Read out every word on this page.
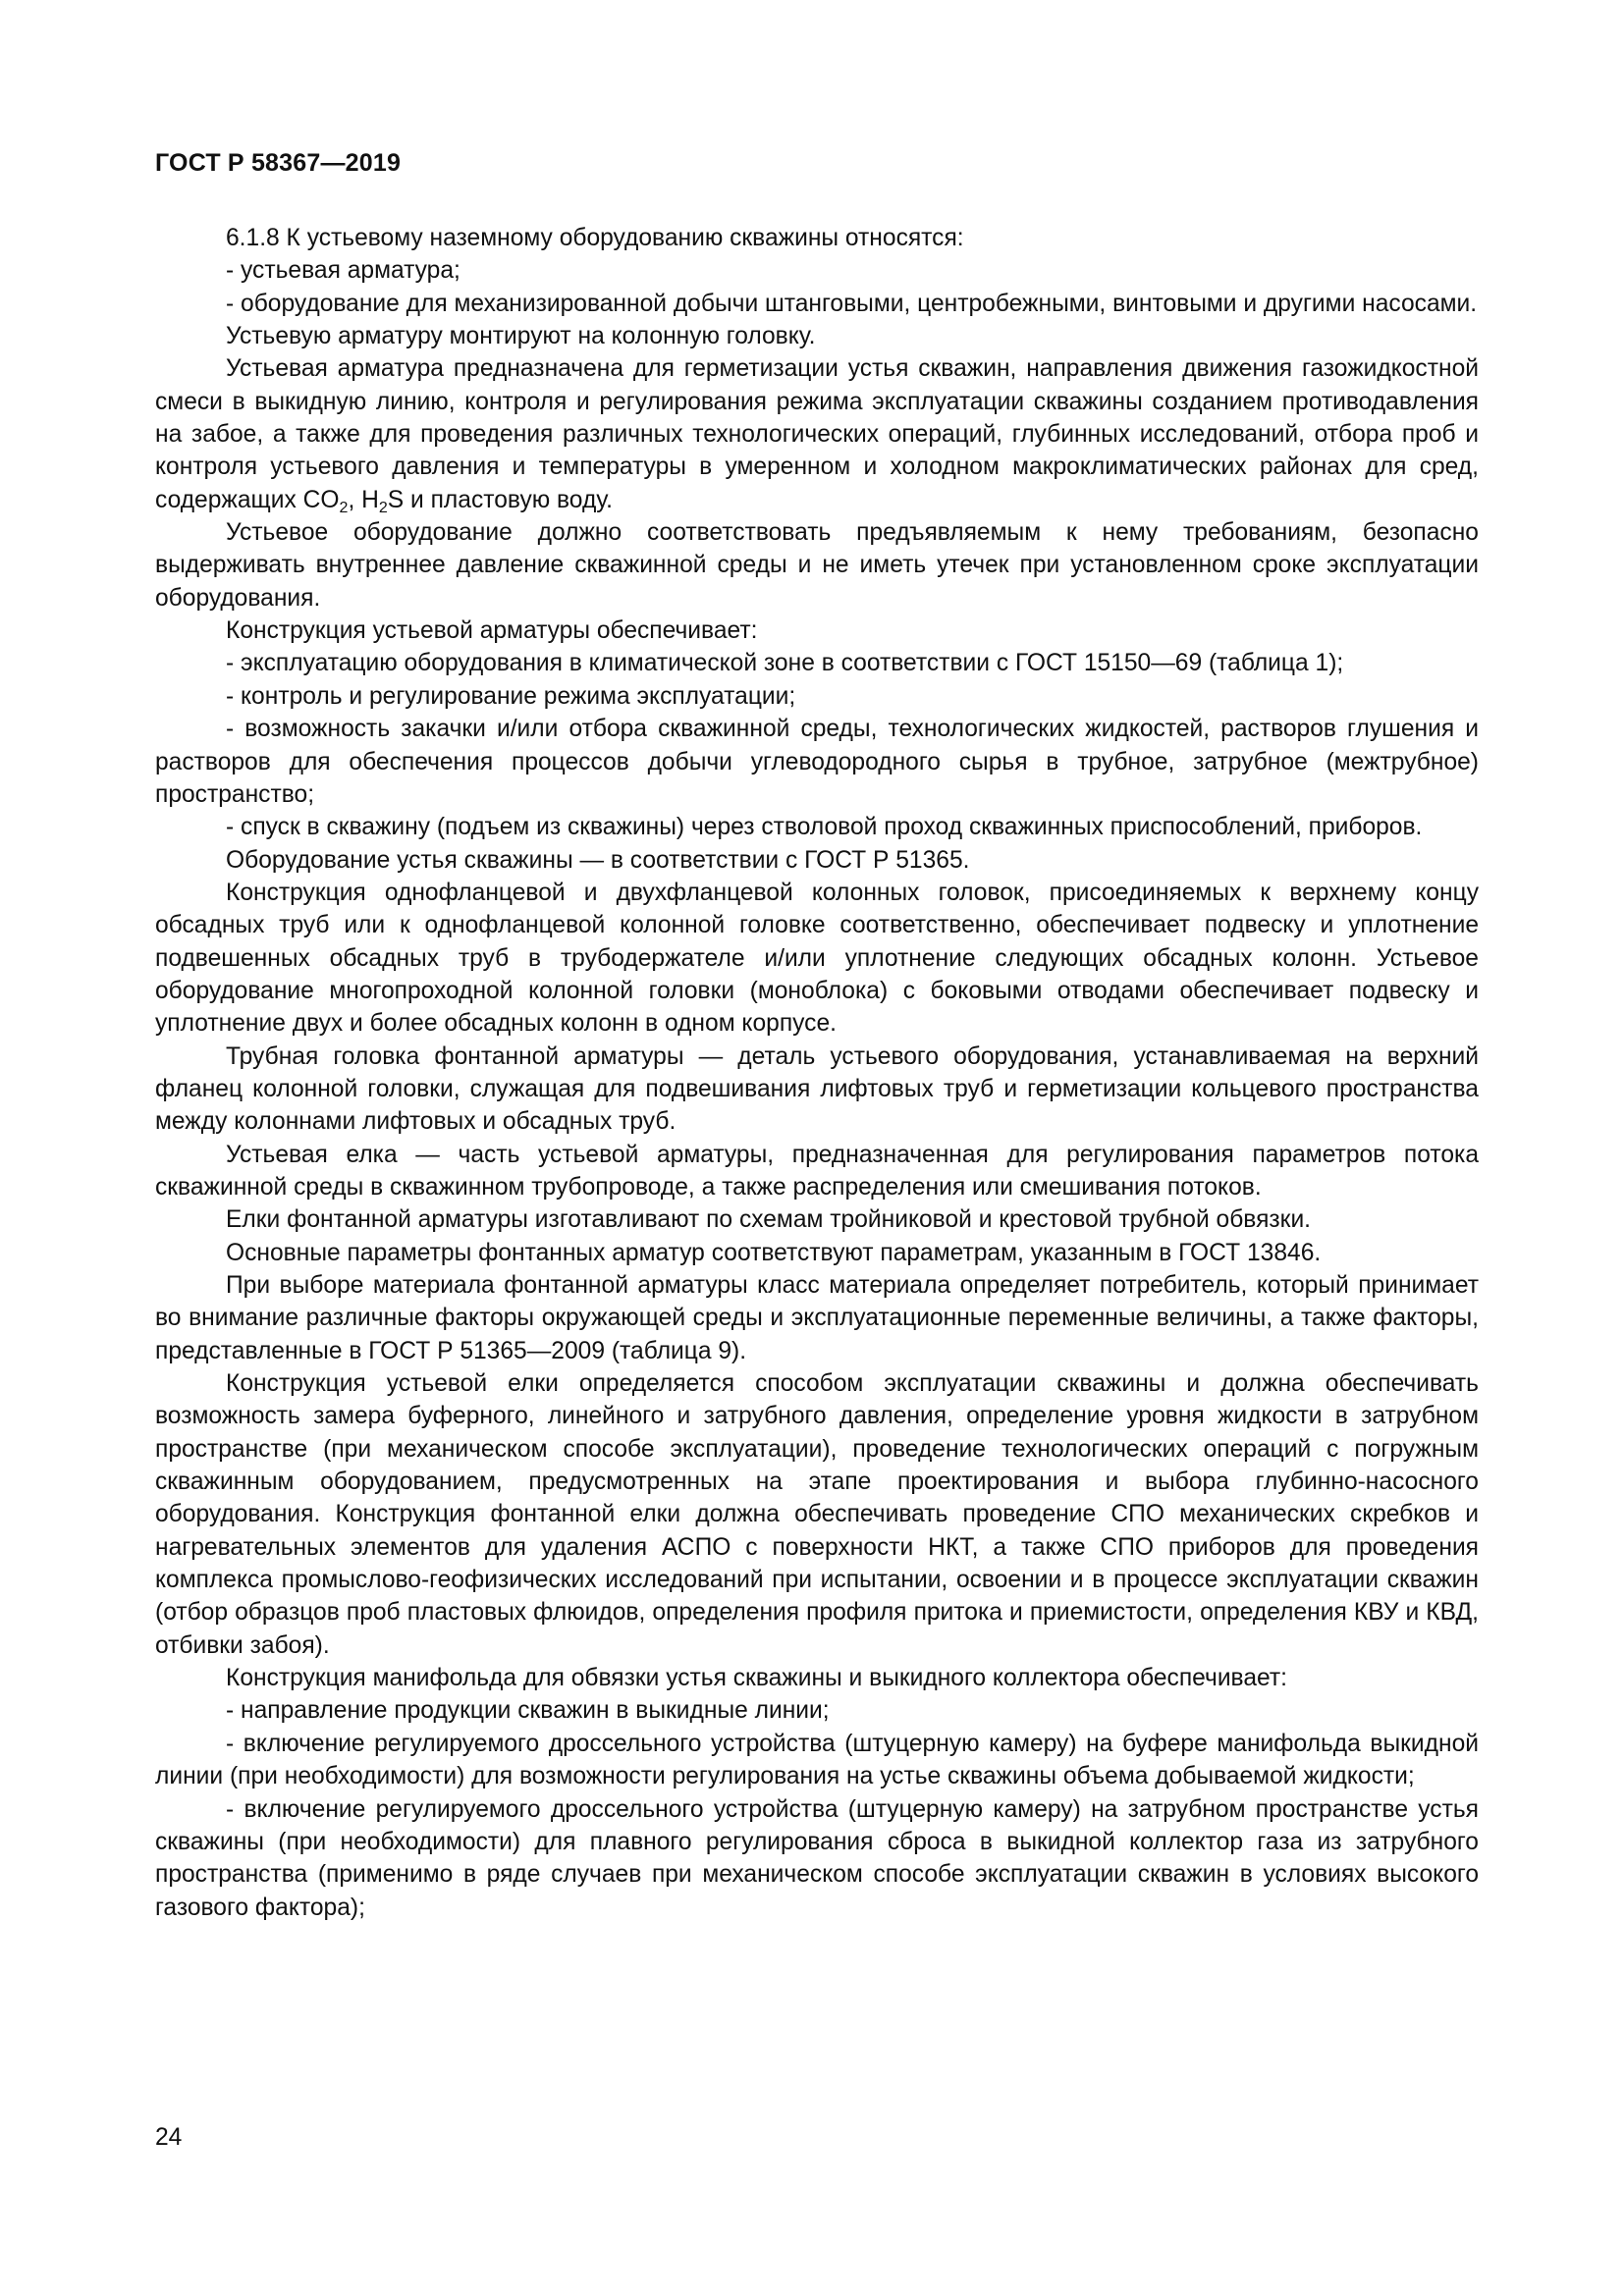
ГОСТ Р 58367—2019

6.1.8 К устьевому наземному оборудованию скважины относятся:

- устьевая арматура;

- оборудование для механизированной добычи штанговыми, центробежными, винтовыми и другими насосами.

Устьевую арматуру монтируют на колонную головку.

Устьевая арматура предназначена для герметизации устья скважин, направления движения газожидкостной смеси в выкидную линию, контроля и регулирования режима эксплуатации скважины созданием противодавления на забое, а также для проведения различных технологических операций, глубинных исследований, отбора проб и контроля устьевого давления и температуры в умеренном и холодном макроклиматических районах для сред, содержащих $CO_2$, $H_2S$ и пластовую воду.

Устьевое оборудование должно соответствовать предъявляемым к нему требованиям, безопасно выдерживать внутреннее давление скважинной среды и не иметь утечек при установленном сроке эксплуатации оборудования.

Конструкция устьевой арматуры обеспечивает:

- эксплуатацию оборудования в климатической зоне в соответствии с ГОСТ 15150—69 (таблица 1);

- контроль и регулирование режима эксплуатации;

- возможность закачки и/или отбора скважинной среды, технологических жидкостей, растворов глушения и растворов для обеспечения процессов добычи углеводородного сырья в трубное, затрубное (межтрубное) пространство;

- спуск в скважину (подъем из скважины) через стволовой проход скважинных приспособлений, приборов.

Оборудование устья скважины — в соответствии с ГОСТ Р 51365.

Конструкция однофланцевой и двухфланцевой колонных головок, присоединяемых к верхнему концу обсадных труб или к однофланцевой колонной головке соответственно, обеспечивает подвеску и уплотнение подвешенных обсадных труб в трубодержателе и/или уплотнение следующих обсадных колонн. Устьевое оборудование многопроходной колонной головки (моноблока) с боковыми отводами обеспечивает подвеску и уплотнение двух и более обсадных колонн в одном корпусе.

Трубная головка фонтанной арматуры — деталь устьевого оборудования, устанавливаемая на верхний фланец колонной головки, служащая для подвешивания лифтовых труб и герметизации кольцевого пространства между колоннами лифтовых и обсадных труб.

Устьевая елка — часть устьевой арматуры, предназначенная для регулирования параметров потока скважинной среды в скважинном трубопроводе, а также распределения или смешивания потоков.

Елки фонтанной арматуры изготавливают по схемам тройниковой и крестовой трубной обвязки.

Основные параметры фонтанных арматур соответствуют параметрам, указанным в ГОСТ 13846.

При выборе материала фонтанной арматуры класс материала определяет потребитель, который принимает во внимание различные факторы окружающей среды и эксплуатационные переменные величины, а также факторы, представленные в ГОСТ Р 51365—2009 (таблица 9).

Конструкция устьевой елки определяется способом эксплуатации скважины и должна обеспечивать возможность замера буферного, линейного и затрубного давления, определение уровня жидкости в затрубном пространстве (при механическом способе эксплуатации), проведение технологических операций с погружным скважинным оборудованием, предусмотренных на этапе проектирования и выбора глубинно-насосного оборудования. Конструкция фонтанной елки должна обеспечивать проведение СПО механических скребков и нагревательных элементов для удаления АСПО с поверхности НКТ, а также СПО приборов для проведения комплекса промыслово-геофизических исследований при испытании, освоении и в процессе эксплуатации скважин (отбор образцов проб пластовых флюидов, определения профиля притока и приемистости, определения КВУ и КВД, отбивки забоя).

Конструкция манифольда для обвязки устья скважины и выкидного коллектора обеспечивает:

- направление продукции скважин в выкидные линии;

- включение регулируемого дроссельного устройства (штуцерную камеру) на буфере манифольда выкидной линии (при необходимости) для возможности регулирования на устье скважины объема добываемой жидкости;

- включение регулируемого дроссельного устройства (штуцерную камеру) на затрубном пространстве устья скважины (при необходимости) для плавного регулирования сброса в выкидной коллектор газа из затрубного пространства (применимо в ряде случаев при механическом способе эксплуатации скважин в условиях высокого газового фактора);

24
